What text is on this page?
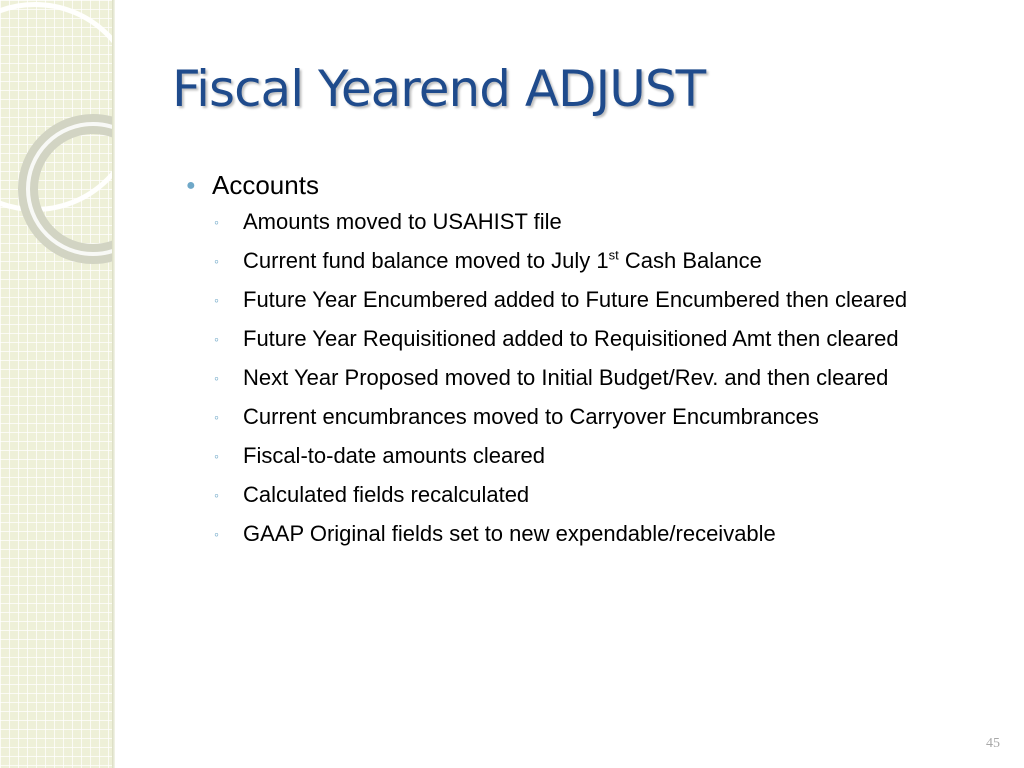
Fiscal Yearend ADJUST
● Accounts
◦ Amounts moved to USAHIST file
◦ Current fund balance moved to July 1st Cash Balance
◦ Future Year Encumbered added to Future Encumbered then cleared
◦ Future Year Requisitioned added to Requisitioned Amt then cleared
◦ Next Year Proposed moved to Initial Budget/Rev. and then cleared
◦ Current encumbrances moved to Carryover Encumbrances
◦ Fiscal-to-date amounts cleared
◦ Calculated fields recalculated
◦ GAAP Original fields set to new expendable/receivable
45
